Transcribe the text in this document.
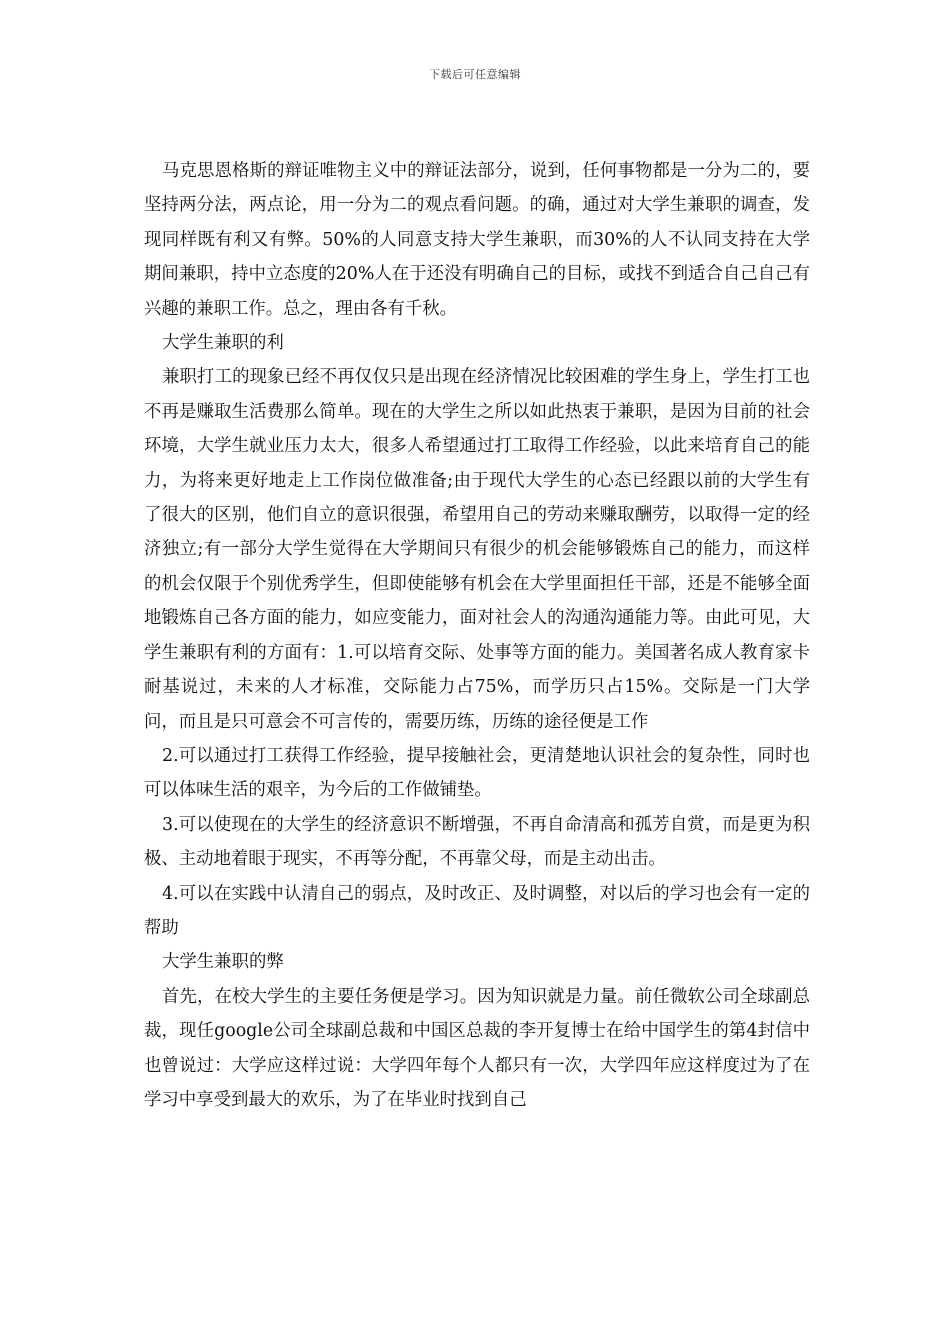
下载后可任意编辑

马克思恩格斯的辩证唯物主义中的辩证法部分，说到，任何事物都是一分为二的，要坚持两分法，两点论，用一分为二的观点看问题。的确，通过对大学生兼职的调查，发现同样既有利又有弊。50%的人同意支持大学生兼职，而30%的人不认同支持在大学期间兼职，持中立态度的20%人在于还没有明确自己的目标，或找不到适合自己自己有兴趣的兼职工作。总之，理由各有千秋。

大学生兼职的利

兼职打工的现象已经不再仅仅只是出现在经济情况比较困难的学生身上，学生打工也不再是赚取生活费那么简单。现在的大学生之所以如此热衷于兼职，是因为目前的社会环境，大学生就业压力太大，很多人希望通过打工取得工作经验，以此来培育自己的能力，为将来更好地走上工作岗位做准备;由于现代大学生的心态已经跟以前的大学生有了很大的区别，他们自立的意识很强，希望用自己的劳动来赚取酬劳，以取得一定的经济独立;有一部分大学生觉得在大学期间只有很少的机会能够锻炼自己的能力，而这样的机会仅限于个别优秀学生，但即使能够有机会在大学里面担任干部，还是不能够全面地锻炼自己各方面的能力，如应变能力，面对社会人的沟通沟通能力等。由此可见，大学生兼职有利的方面有：1.可以培育交际、处事等方面的能力。美国著名成人教育家卡耐基说过，未来的人才标准，交际能力占75%，而学历只占15%。交际是一门大学问，而且是只可意会不可言传的，需要历练，历练的途径便是工作

2.可以通过打工获得工作经验，提早接触社会，更清楚地认识社会的复杂性，同时也可以体味生活的艰辛，为今后的工作做铺垫。

3.可以使现在的大学生的经济意识不断增强，不再自命清高和孤芳自赏，而是更为积极、主动地着眼于现实，不再等分配，不再靠父母，而是主动出击。

4.可以在实践中认清自己的弱点，及时改正、及时调整，对以后的学习也会有一定的帮助

大学生兼职的弊

首先，在校大学生的主要任务便是学习。因为知识就是力量。前任微软公司全球副总裁，现任google公司全球副总裁和中国区总裁的李开复博士在给中国学生的第4封信中也曾说过：大学应这样过说：大学四年每个人都只有一次，大学四年应这样度过为了在学习中享受到最大的欢乐，为了在毕业时找到自己
